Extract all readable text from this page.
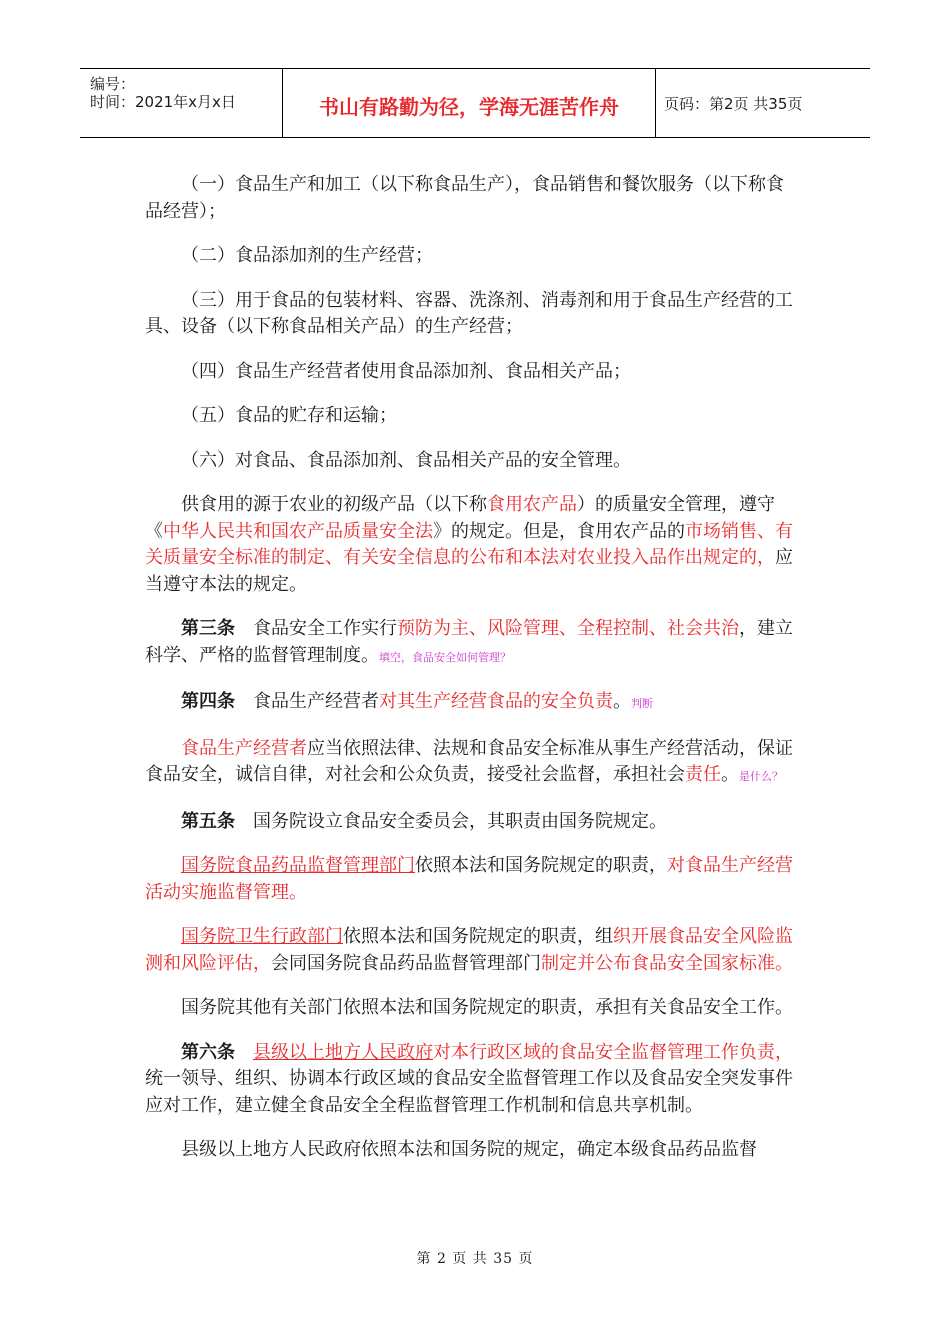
编号：
时间：2021年x月x日	书山有路勤为径，学海无涯苦作舟	页码：第2页 共35页

（一）食品生产和加工（以下称食品生产），食品销售和餐饮服务（以下称食品经营）；

（二）食品添加剂的生产经营；

（三）用于食品的包装材料、容器、洗涤剂、消毒剂和用于食品生产经营的工具、设备（以下称食品相关产品）的生产经营；

（四）食品生产经营者使用食品添加剂、食品相关产品；

（五）食品的贮存和运输；

（六）对食品、食品添加剂、食品相关产品的安全管理。

供食用的源于农业的初级产品（以下称食用农产品）的质量安全管理，遵守《中华人民共和国农产品质量安全法》的规定。但是，食用农产品的市场销售、有关质量安全标准的制定、有关安全信息的公布和本法对农业投入品作出规定的，应当遵守本法的规定。

第三条　食品安全工作实行预防为主、风险管理、全程控制、社会共治，建立科学、严格的监督管理制度。填空，食品安全如何管理？

第四条　食品生产经营者对其生产经营食品的安全负责。判断

食品生产经营者应当依照法律、法规和食品安全标准从事生产经营活动，保证食品安全，诚信自律，对社会和公众负责，接受社会监督，承担社会责任。是什么？

第五条　国务院设立食品安全委员会，其职责由国务院规定。

国务院食品药品监督管理部门依照本法和国务院规定的职责，对食品生产经营活动实施监督管理。

国务院卫生行政部门依照本法和国务院规定的职责，组织开展食品安全风险监测和风险评估，会同国务院食品药品监督管理部门制定并公布食品安全国家标准。

国务院其他有关部门依照本法和国务院规定的职责，承担有关食品安全工作。

第六条　 县级以上地方人民政府对本行政区域的食品安全监督管理工作负责，统一领导、组织、协调本行政区域的食品安全监督管理工作以及食品安全突发事件应对工作，建立健全食品安全全程监督管理工作机制和信息共享机制。

县级以上地方人民政府依照本法和国务院的规定，确定本级食品药品监督

第 2 页 共 35 页
